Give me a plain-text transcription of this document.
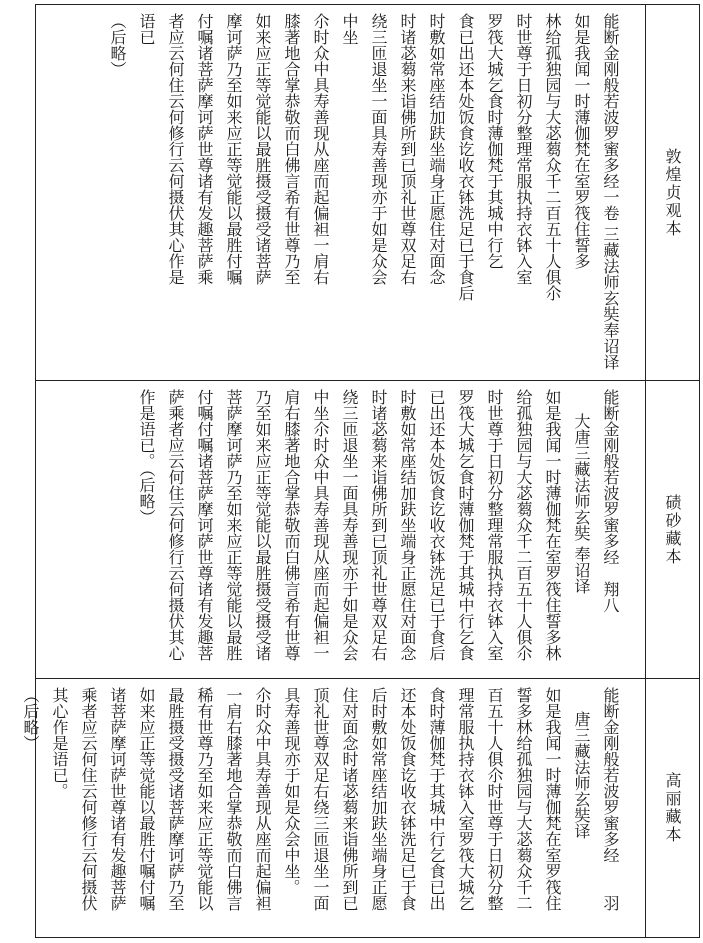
敦煌贞观本
能断金刚般若波罗蜜多经一卷 三藏法师玄奘奉诏译
如是我闻一时薄伽梵在室罗筏住誓多
林给孤独园与大苾蒭众千二百五十人俱尒
时世尊于日初分整理常服执持衣钵入室
罗筏大城乞食时薄伽梵于其城中行乞
食已出还本处饭食讫收衣钵洗足已于食后
时敷如常座结加趺坐端身正愿住对面念
时诸苾蒭来诣佛所到已顶礼世尊双足右
绕三匝退坐一面具寿善现亦于如是众会
中坐
尒时众中具寿善现从座而起偏袒一肩右
膝著地合掌恭敬而白佛言希有世尊乃至
如来应正等觉能以最胜摄受摄受诸菩萨
摩诃萨乃至如来应正等觉能以最胜付嘱
付嘱诸菩萨摩诃萨世尊诸有发趣菩萨乘
者应云何住云何修行云何摄伏其心作是
语已
（后略）
碛砂藏本
能断金刚般若波罗蜜多经　翔八
大唐三藏法师玄奘 奉诏译
如是我闻一时薄伽梵在室罗筏住誓多林
给孤独园与大苾蒭众千二百五十人俱尒
时世尊于日初分整理常服执持衣钵入室
罗筏大城乞食时薄伽梵于其城中行乞食
已出还本处饭食讫收衣钵洗足已于食后
时敷如常座结加趺坐端身正愿住对面念
时诸苾蒭来诣佛所到已顶礼世尊双足右
绕三匝退坐一面具寿善现亦于如是众会
中坐尒时众中具寿善现从座而起偏袒一
肩右膝著地合掌恭敬而白佛言希有世尊
乃至如来应正等觉能以最胜摄受摄受诸
菩萨摩诃萨乃至如来应正等觉能以最胜
付嘱付嘱诸菩萨摩诃萨世尊诸有发趣菩
萨乘者应云何住云何修行云何摄伏其心
作是语已。（后略）
高丽藏本
能断金刚般若波罗蜜多经　　羽
唐三藏法师玄奘译
如是我闻一时薄伽梵在室罗筏住
誓多林给孤独园与大苾蒭众千二
百五十人俱尒时世尊于日初分整
理常服执持衣钵入室罗筏大城乞
食时薄伽梵于其城中行乞食已出
还本处饭食讫收衣钵洗足已于食
后时敷如常座结加趺坐端身正愿
住对面念时诸苾蒭来诣佛所到已
顶礼世尊双足右绕三匝退坐一面
具寿善现亦于如是众会中坐。
尒时众中具寿善现从座而起偏袒
一肩右膝著地合掌恭敬而白佛言
稀有世尊乃至如来应正等觉能以
最胜摄受摄受诸菩萨摩诃萨乃至
如来应正等觉能以最胜付嘱付嘱
诸菩萨摩诃萨世尊诸有发趣菩萨
乘者应云何住云何修行云何摄伏
其心作是语已。
（后略）
